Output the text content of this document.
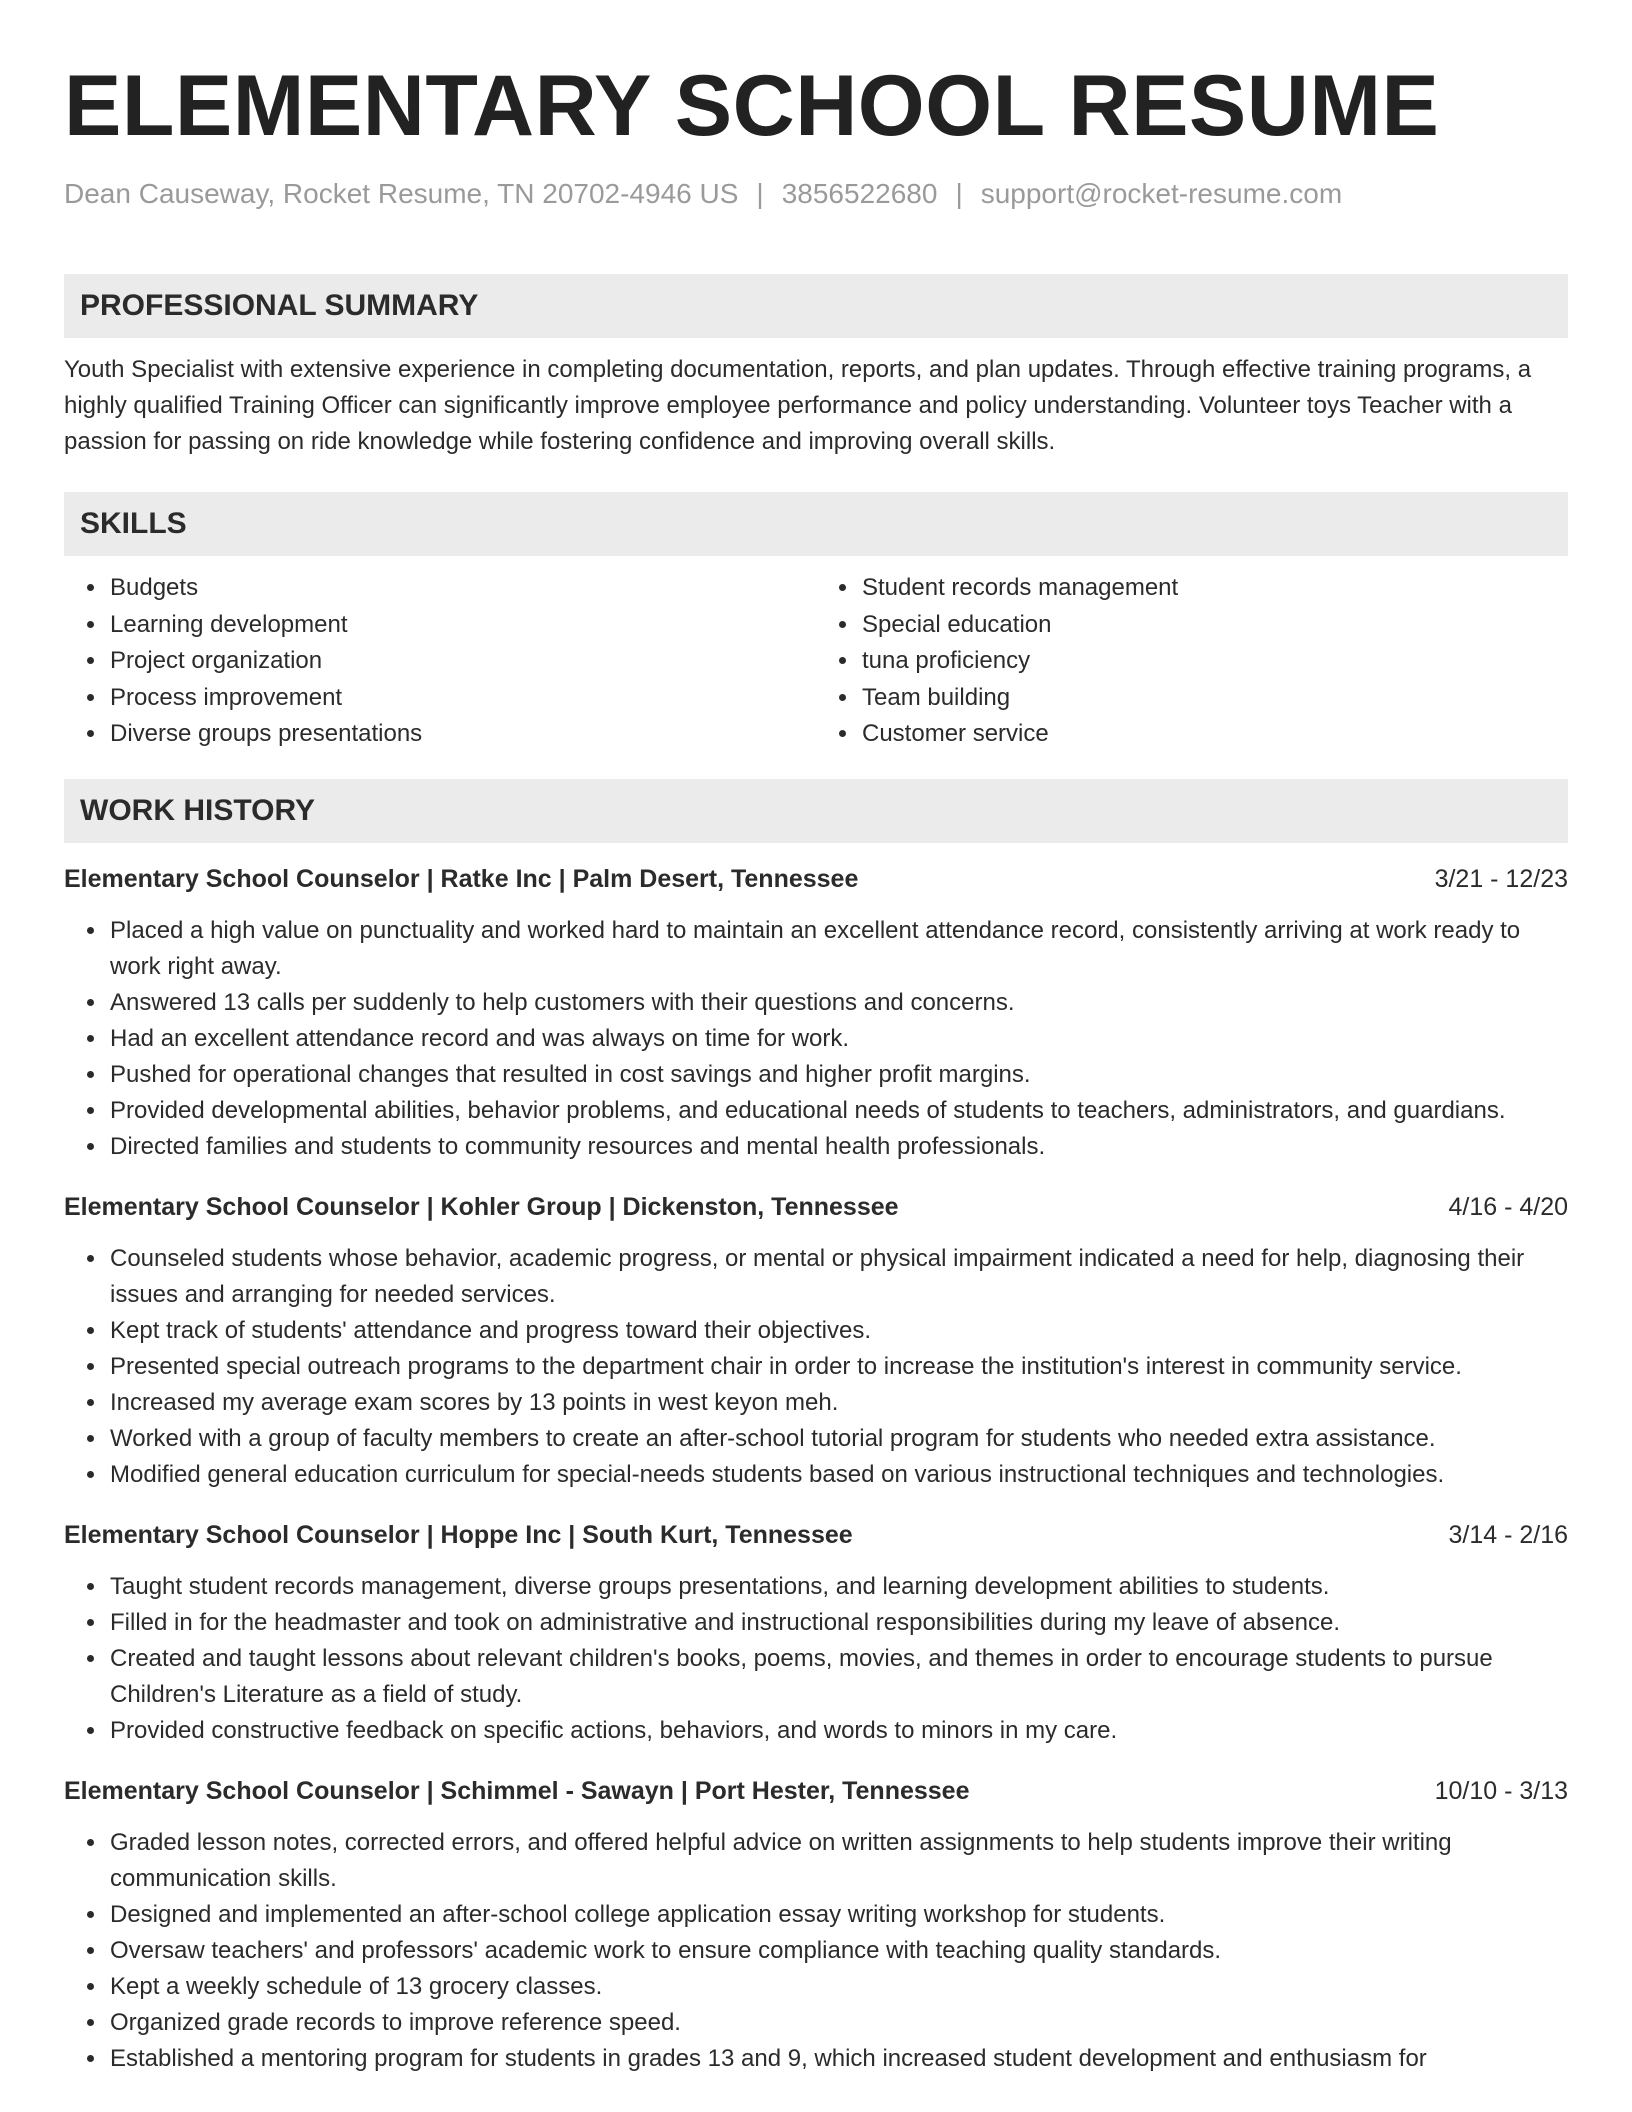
ELEMENTARY SCHOOL RESUME
Dean Causeway, Rocket Resume, TN 20702-4946 US | 3856522680 | support@rocket-resume.com
PROFESSIONAL SUMMARY

Youth Specialist with extensive experience in completing documentation, reports, and plan updates. Through effective training programs, a highly qualified Training Officer can significantly improve employee performance and policy understanding. Volunteer toys Teacher with a passion for passing on ride knowledge while fostering confidence and improving overall skills.

SKILLS
• Budgets
• Learning development
• Project organization
• Process improvement
• Diverse groups presentations
• Student records management
• Special education
• tuna proficiency
• Team building
• Customer service
WORK HISTORY
Elementary School Counselor | Ratke Inc | Palm Desert, Tennessee	3/21 - 12/23
• Placed a high value on punctuality and worked hard to maintain an excellent attendance record, consistently arriving at work ready to work right away.
• Answered 13 calls per suddenly to help customers with their questions and concerns.
• Had an excellent attendance record and was always on time for work.
• Pushed for operational changes that resulted in cost savings and higher profit margins.
• Provided developmental abilities, behavior problems, and educational needs of students to teachers, administrators, and guardians.
• Directed families and students to community resources and mental health professionals.
Elementary School Counselor | Kohler Group | Dickenston, Tennessee	4/16 - 4/20
• Counseled students whose behavior, academic progress, or mental or physical impairment indicated a need for help, diagnosing their issues and arranging for needed services.
• Kept track of students' attendance and progress toward their objectives.
• Presented special outreach programs to the department chair in order to increase the institution's interest in community service.
• Increased my average exam scores by 13 points in west keyon meh.
• Worked with a group of faculty members to create an after-school tutorial program for students who needed extra assistance.
• Modified general education curriculum for special-needs students based on various instructional techniques and technologies.
Elementary School Counselor | Hoppe Inc | South Kurt, Tennessee	3/14 - 2/16
• Taught student records management, diverse groups presentations, and learning development abilities to students.
• Filled in for the headmaster and took on administrative and instructional responsibilities during my leave of absence.
• Created and taught lessons about relevant children's books, poems, movies, and themes in order to encourage students to pursue Children's Literature as a field of study.
• Provided constructive feedback on specific actions, behaviors, and words to minors in my care.
Elementary School Counselor | Schimmel - Sawayn | Port Hester, Tennessee	10/10 - 3/13
• Graded lesson notes, corrected errors, and offered helpful advice on written assignments to help students improve their writing communication skills.
• Designed and implemented an after-school college application essay writing workshop for students.
• Oversaw teachers' and professors' academic work to ensure compliance with teaching quality standards.
• Kept a weekly schedule of 13 grocery classes.
• Organized grade records to improve reference speed.
• Established a mentoring program for students in grades 13 and 9, which increased student development and enthusiasm for
